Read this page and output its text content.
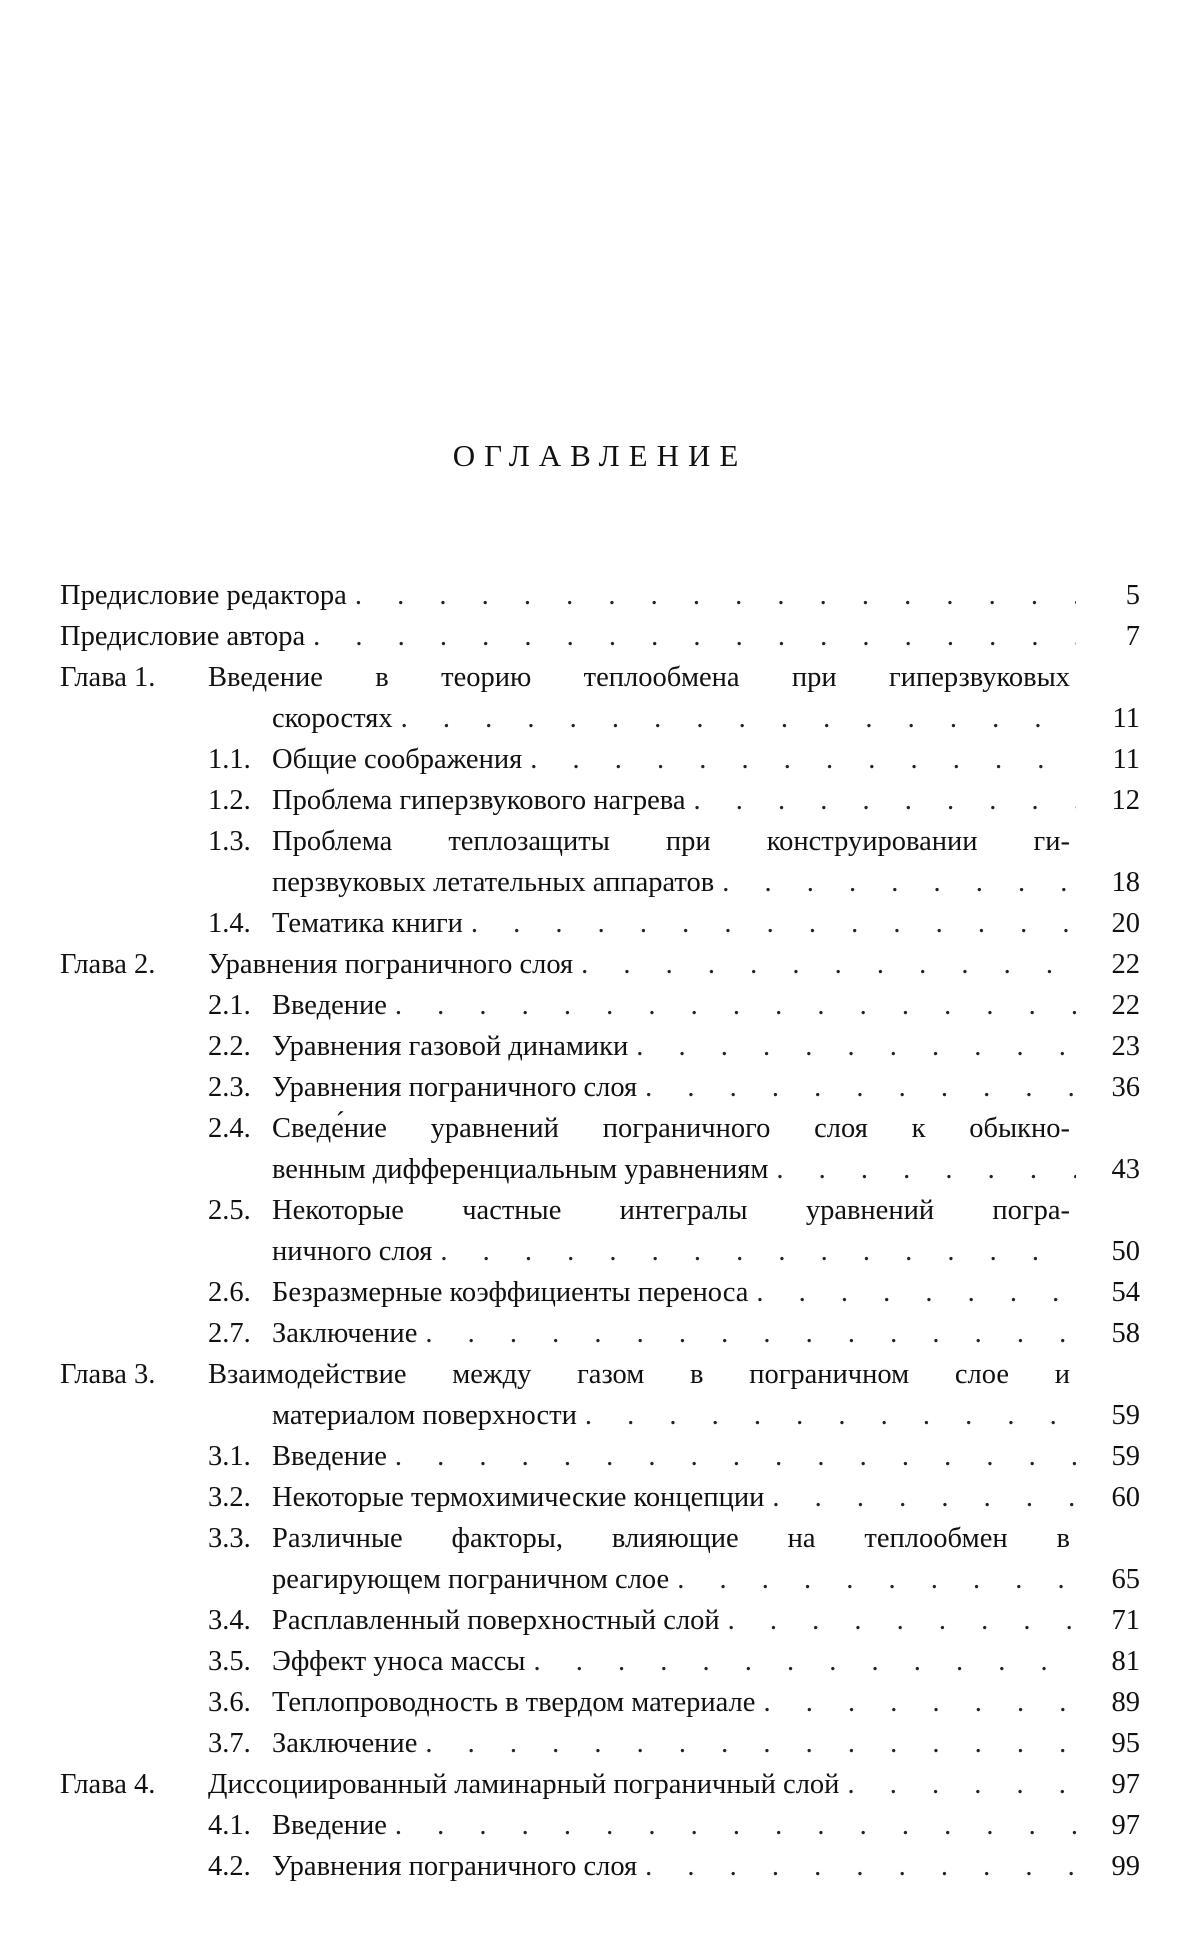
ОГЛАВЛЕНИЕ
Предисловие редактора . . .	5
Предисловие автора . . .	7
Глава 1.	Введение в теорию теплообмена при гиперзвуковых
скоростях . . .	11
1.1. Общие соображения . . .	11
1.2. Проблема гиперзвукового нагрева . . .	12
1.3. Проблема теплозащиты при конструировании ги-
перзвуковых летательных аппаратов . . .	18
1.4. Тематика книги . . .	20
Глава 2.	Уравнения пограничного слоя . . .	22
2.1. Введение . . .	22
2.2. Уравнения газовой динамики . . .	23
2.3. Уравнения пограничного слоя . . .	36
2.4. Сведе́ние уравнений пограничного слоя к обыкно-
венным дифференциальным уравнениям . . .	43
2.5. Некоторые частные интегралы уравнений погра-
ничного слоя . . .	50
2.6. Безразмерные коэффициенты переноса . . .	54
2.7. Заключение . . .	58
Глава 3.	Взаимодействие между газом в пограничном слое и
материалом поверхности . . .	59
3.1. Введение . . .	59
3.2. Некоторые термохимические концепции . . .	60
3.3. Различные факторы, влияющие на теплообмен в
реагирующем пограничном слое . . .	65
3.4. Расплавленный поверхностный слой . . .	71
3.5. Эффект уноса массы . . .	81
3.6. Теплопроводность в твердом материале . . .	89
3.7. Заключение . . .	95
Глава 4.	Диссоциированный ламинарный пограничный слой . . .	97
4.1. Введение . . .	97
4.2. Уравнения пограничного слоя . . .	99
